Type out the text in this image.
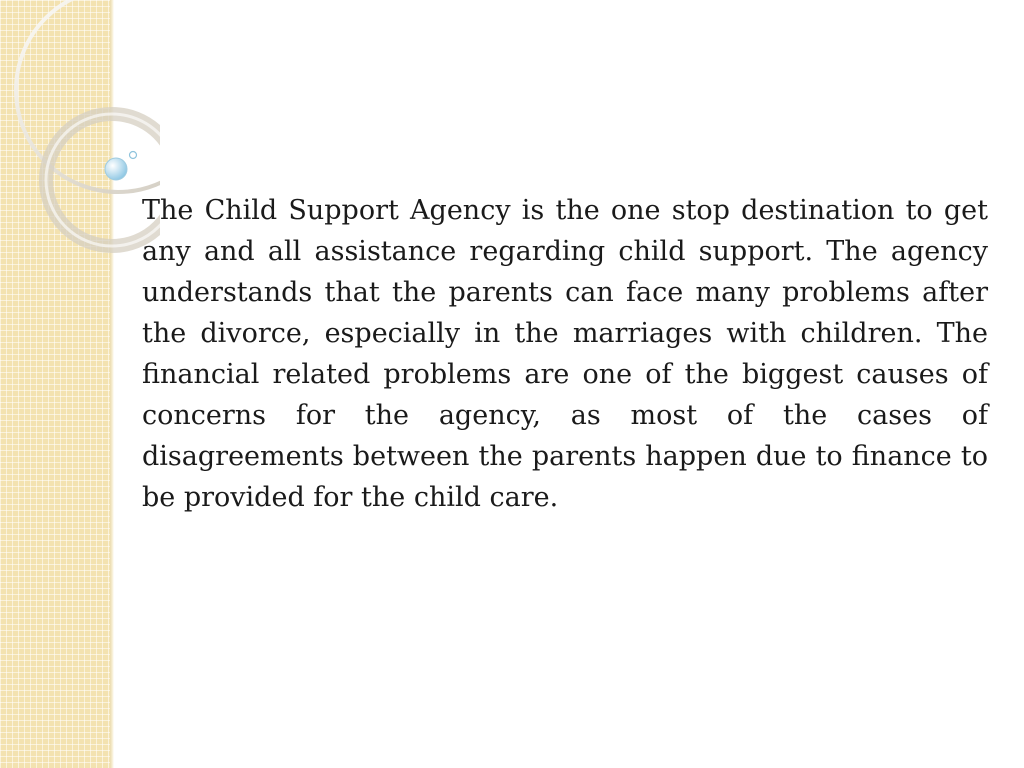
The Child Support Agency is the one stop destination to get any and all assistance regarding child support. The agency understands that the parents can face many problems after the divorce, especially in the marriages with children. The financial related problems are one of the biggest causes of concerns for the agency, as most of the cases of disagreements between the parents happen due to finance to be provided for the child care.
